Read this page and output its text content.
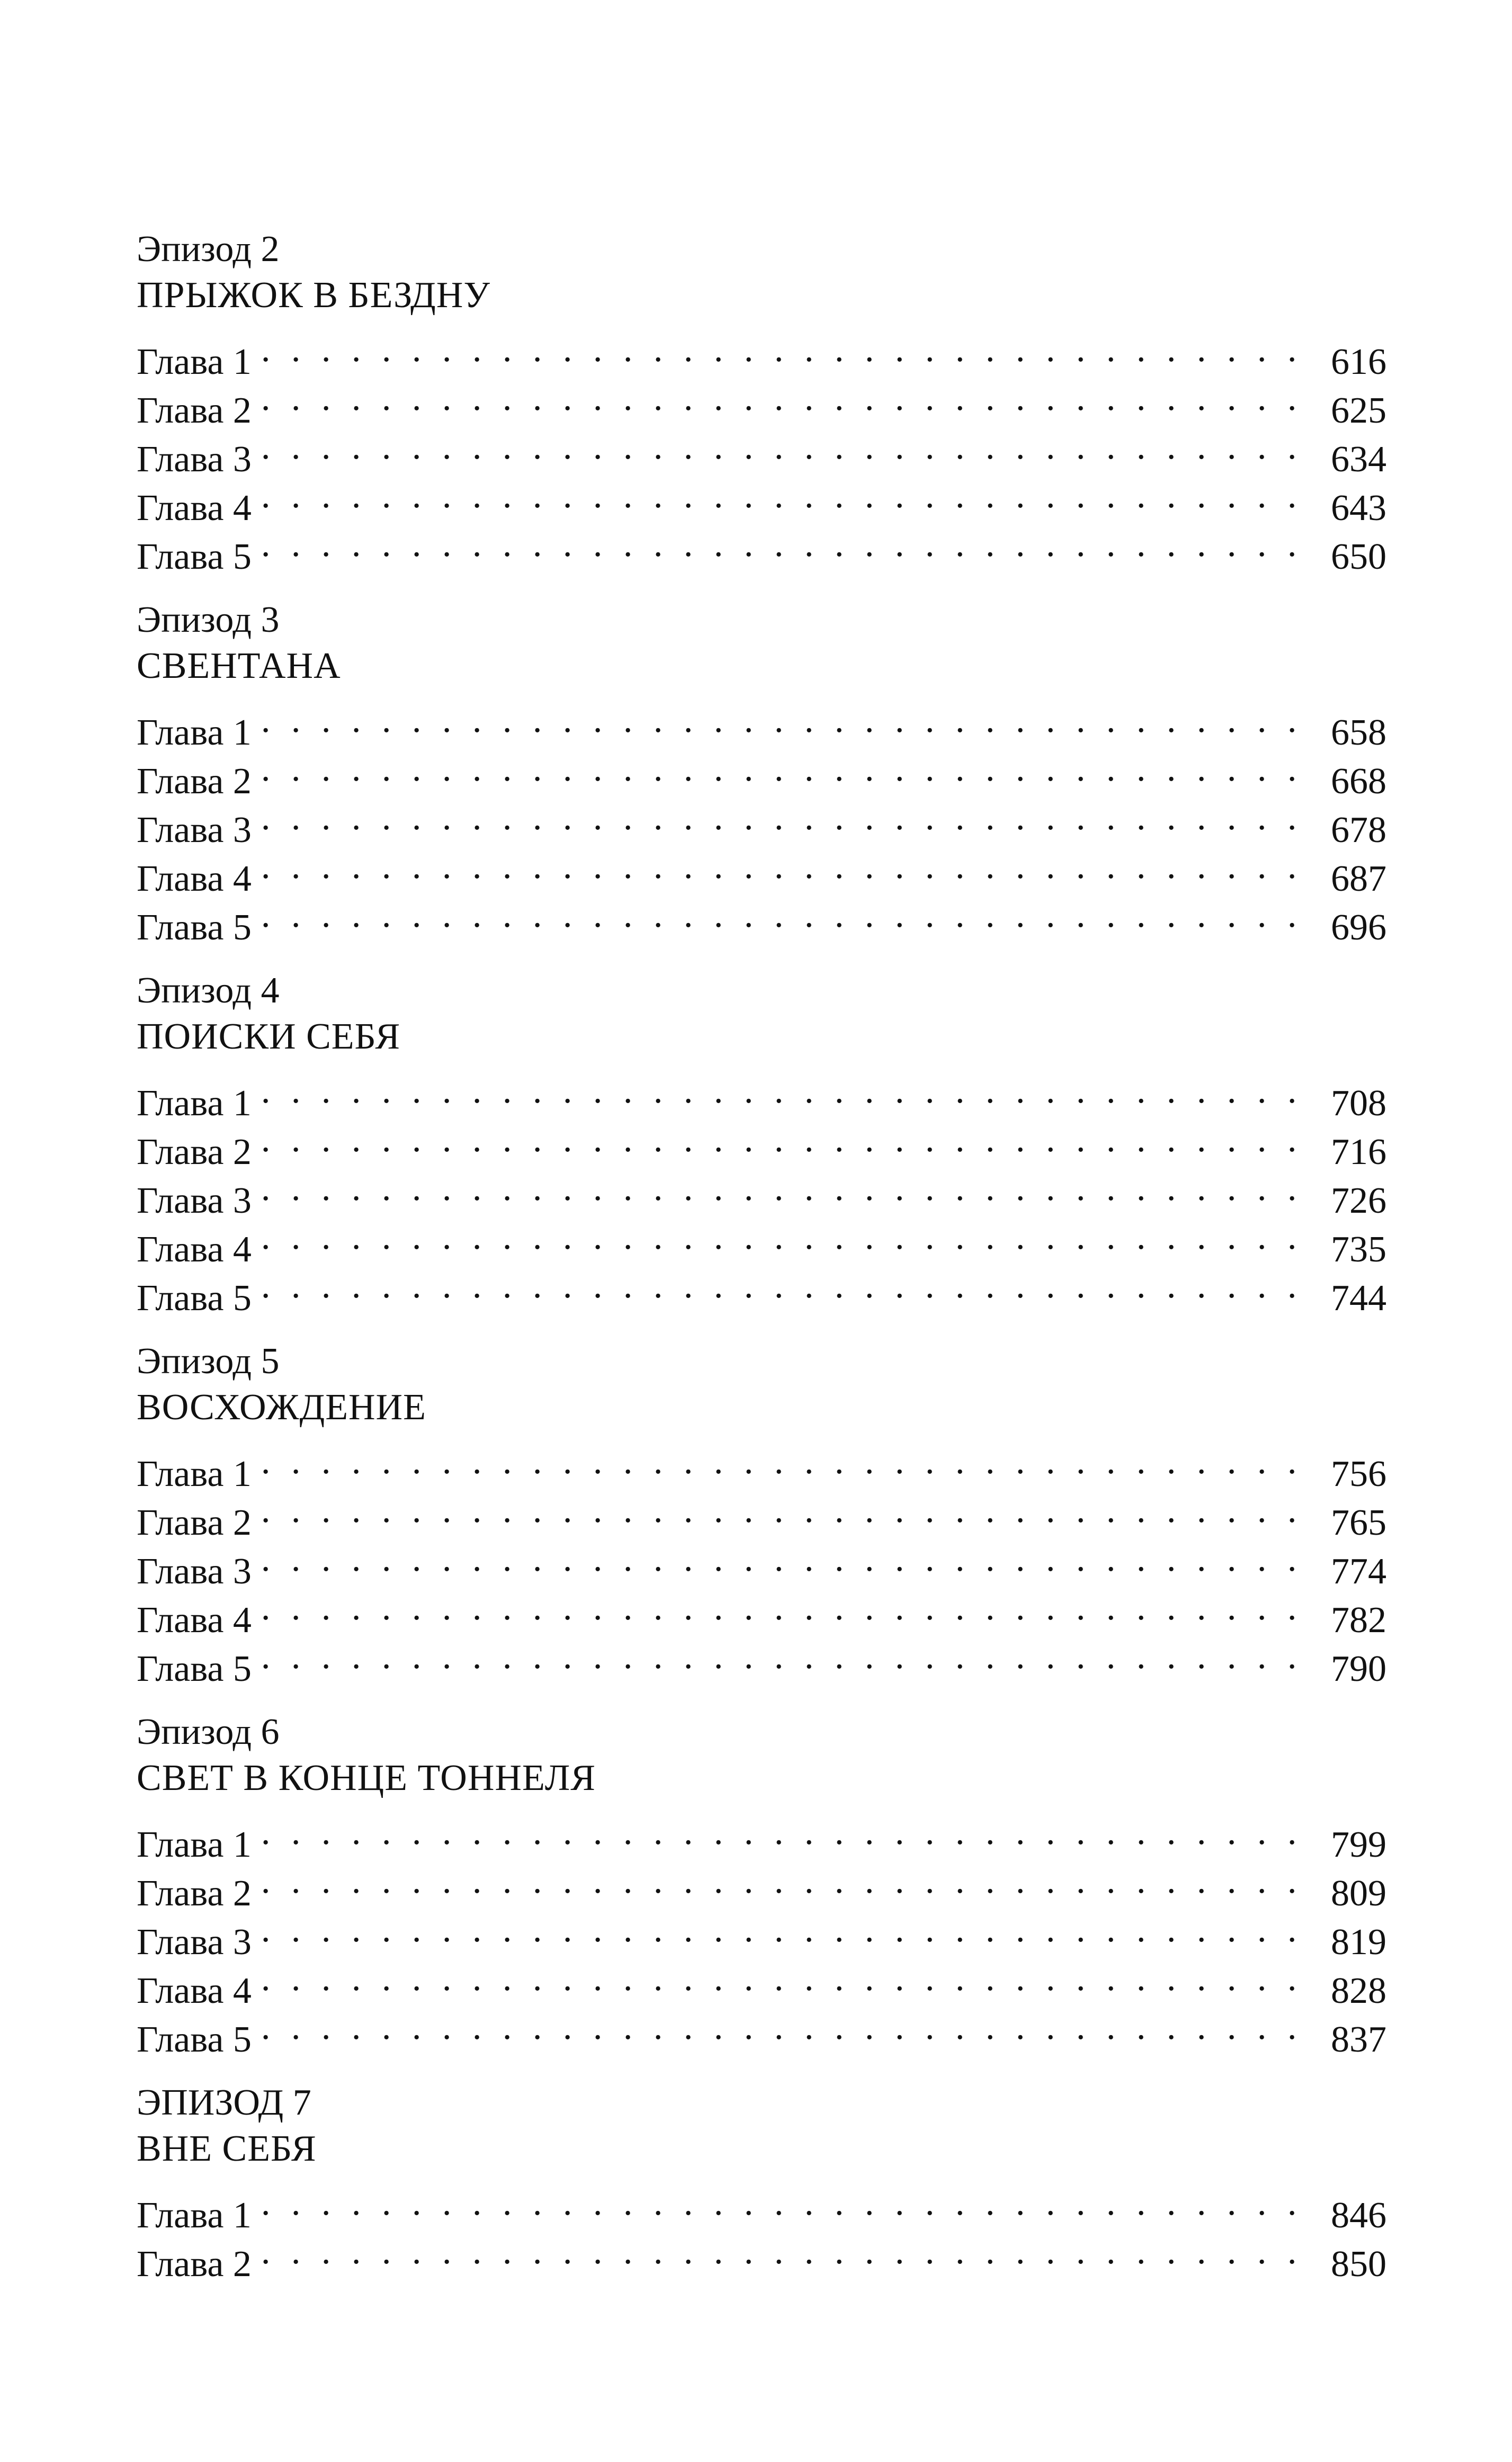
Эпизод 2
ПРЫЖОК В БЕЗДНУ
Глава 1 . . .	616
Глава 2 . . .	625
Глава 3 . . .	634
Глава 4 . . .	643
Глава 5 . . .	650
Эпизод 3
СВЕНТАНА
Глава 1 . . .	658
Глава 2 . . .	668
Глава 3 . . .	678
Глава 4 . . .	687
Глава 5 . . .	696
Эпизод 4
ПОИСКИ СЕБЯ
Глава 1 . . .	708
Глава 2 . . .	716
Глава 3 . . .	726
Глава 4 . . .	735
Глава 5 . . .	744
Эпизод 5
ВОСХОЖДЕНИЕ
Глава 1 . . .	756
Глава 2 . . .	765
Глава 3 . . .	774
Глава 4 . . .	782
Глава 5 . . .	790
Эпизод 6
СВЕТ В КОНЦЕ ТОННЕЛЯ
Глава 1 . . .	799
Глава 2 . . .	809
Глава 3 . . .	819
Глава 4 . . .	828
Глава 5 . . .	837
ЭПИЗОД 7
ВНЕ СЕБЯ
Глава 1 . . .	846
Глава 2 . . .	850
